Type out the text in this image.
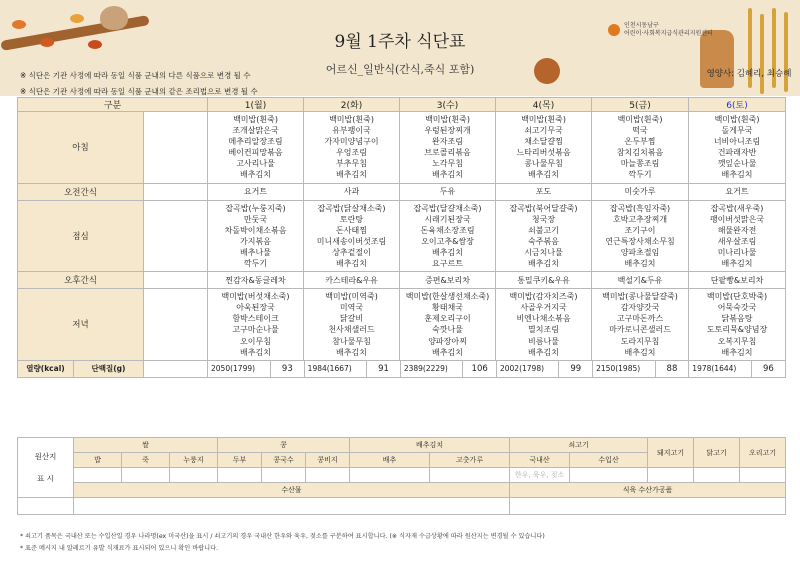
9월 1주차 식단표
어르신_일반식(간식,죽식 포함)
인천시동남구
어린이·사회복지급식관리지원센터
※ 식단은 기관 사정에 따라 동일 식품 군내의 다른 식품으로 변경 될 수
※ 식단은 기관 사정에 따라 동일 식품 군내의 같은 조리법으로 변경 될 수
영양사: 김혜리, 최승혜
구분	1(월)	2(화)	3(수)	4(목)	5(금)	6(토)
아침		
백미밥(흰죽)
조개살맑은국
메추리알장조림
베이컨피망볶음
고사리나물
배추김치

백미밥(흰죽)
유부팽이국
가자미양념구이
우엉조림
부추무침
배추김치

백미밥(흰죽)
우렁된장찌개
완자조림
브로콜리볶음
노각무침
배추김치

백미밥(흰죽)
쇠고기무국
채소달걀찜
느타리버섯볶음
콩나물무침
배추김치

백미밥(흰죽)
떡국
온두부찜
참치김치볶음
마늘쫑조림
깍두기

백미밥(흰죽)
돌게무국
너비아니조림
건파래자반
깻잎순나물
배추김치

오전간식		요거트	사과	두유	포도	미숫가루	요거트
점심		
잡곡밥(누룽지죽)
만둣국
차돌박이채소볶음
가지볶음
배추나물
깍두기

잡곡밥(닭살채소죽)
토란탕
돈사태찜
미니새송이버섯조림
상추겉절이
배추김치

잡곡밥(달걀채소죽)
시래기된장국
돈육채소장조림
오이고추&쌈장
배추김치
요구르트

잡곡밥(북어달걀죽)
청국장
쇠불고기
숙주볶음
시금치나물
배추김치

잡곡밥(흑임자죽)
호박고추장찌개
조기구이
연근특장사채소무침
양파초절임
배추김치

잡곡밥(새우죽)
팽이버섯맑은국
해물완자전
새우살조림
미나리나물
배추김치

오후간식		찐감자&동글레차	카스테라&우유	증편&보리차	통밀쿠키&우유	백설기&두유	단팥빵&보리차
저녁		
백미밥(버섯채소죽)
아욱된장국
함박스테이크
고구마순나물
오이무침
배추김치

백미밥(미역죽)
미역국
닭갈비
천사채샐러드
참나물무침
배추김치

백미밥(한살생선채소죽)
황태채국
훈제오리구이
숙깟나물
양파장아찌
배추김치

백미밥(감자치즈죽)
사골우거지국
비엔나채소볶음
멸치조림
비름나물
배추김치

백미밥(콩나물달걀죽)
감자양갓국
고구마돈까스
마카로니콘샐러드
도라지무침
배추김치

백미밥(단호박죽)
어묵숙갓국
닭볶음탕
도토리묵&양념장
오복지무침
배추김치

열량(kcal)	단백질(g)			2050(1799)	93	1984(1667)	91	2389(2229)	106	2002(1798)	99	2150(1985)	88	1978(1644)	96
원산지
표 시	쌀			콩			배추김치		쇠고기		돼지고기	닭고기	오리고기
	밥	죽	누룽지	두부	콩국수	콩비지	배추	고춧가루	국내산	수입산			
									한우, 육우, 젖소				
	수산물								식육 수산가공품				

* 쇠고기 품목은 국내산 또는 수입산일 경우 나라명(ex 미국산)을 표시 / 쇠고기의 경우 국내산 한우와 육우, 젖소를 구분하여 표시합니다. (※ 식자재 수급상황에 따라 원산지는 변경될 수 있습니다)
* 표준 메시지 내 알레르기 유발 식재료가 표시되어 있으니 확인 바랍니다.
